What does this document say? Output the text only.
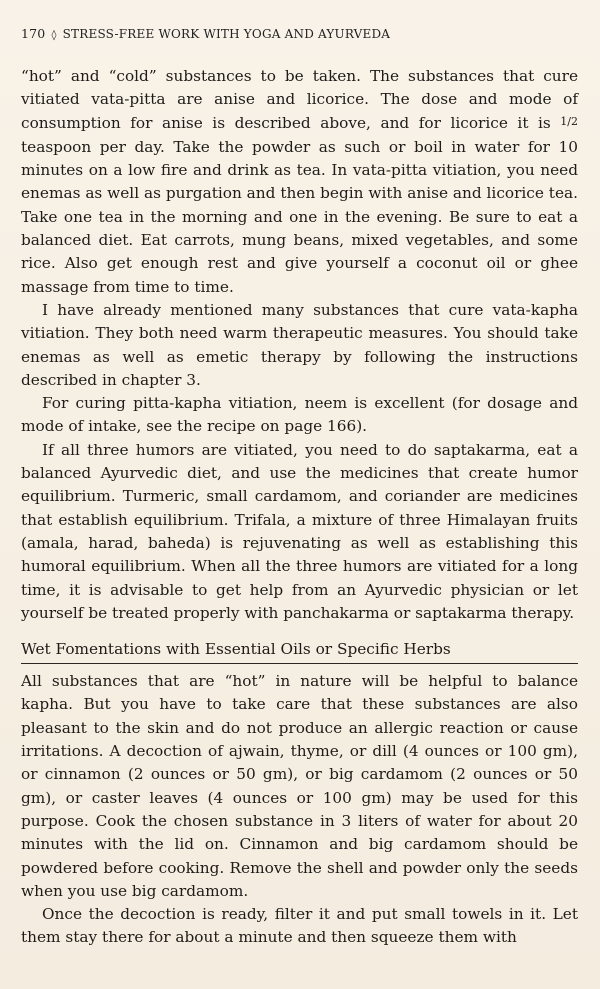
170 ◊ STRESS-FREE WORK WITH YOGA AND AYURVEDA

“hot” and “cold” substances to be taken. The substances that cure vitiated vata-pitta are anise and licorice. The dose and mode of consumption for anise is described above, and for licorice it is 1/2 teaspoon per day. Take the powder as such or boil in water for 10 minutes on a low fire and drink as tea. In vata-pitta vitiation, you need enemas as well as purgation and then begin with anise and licorice tea. Take one tea in the morning and one in the evening. Be sure to eat a balanced diet. Eat carrots, mung beans, mixed vegetables, and some rice. Also get enough rest and give yourself a coconut oil or ghee massage from time to time.

I have already mentioned many substances that cure vata-kapha vitiation. They both need warm therapeutic measures. You should take enemas as well as emetic therapy by following the instructions described in chapter 3.

For curing pitta-kapha vitiation, neem is excellent (for dosage and mode of intake, see the recipe on page 166).

If all three humors are vitiated, you need to do saptakarma, eat a balanced Ayurvedic diet, and use the medicines that create humor equilibrium. Turmeric, small cardamom, and coriander are medicines that establish equilibrium. Trifala, a mixture of three Himalayan fruits (amala, harad, baheda) is rejuvenating as well as establishing this humoral equilibrium. When all the three humors are vitiated for a long time, it is advisable to get help from an Ayurvedic physician or let yourself be treated properly with panchakarma or saptakarma therapy.

Wet Fomentations with Essential Oils or Specific Herbs

All substances that are “hot” in nature will be helpful to balance kapha. But you have to take care that these substances are also pleasant to the skin and do not produce an allergic reaction or cause irritations. A decoction of ajwain, thyme, or dill (4 ounces or 100 gm), or cinnamon (2 ounces or 50 gm), or big cardamom (2 ounces or 50 gm), or caster leaves (4 ounces or 100 gm) may be used for this purpose. Cook the chosen substance in 3 liters of water for about 20 minutes with the lid on. Cinnamon and big cardamom should be powdered before cooking. Remove the shell and powder only the seeds when you use big cardamom.

Once the decoction is ready, filter it and put small towels in it. Let them stay there for about a minute and then squeeze them with
